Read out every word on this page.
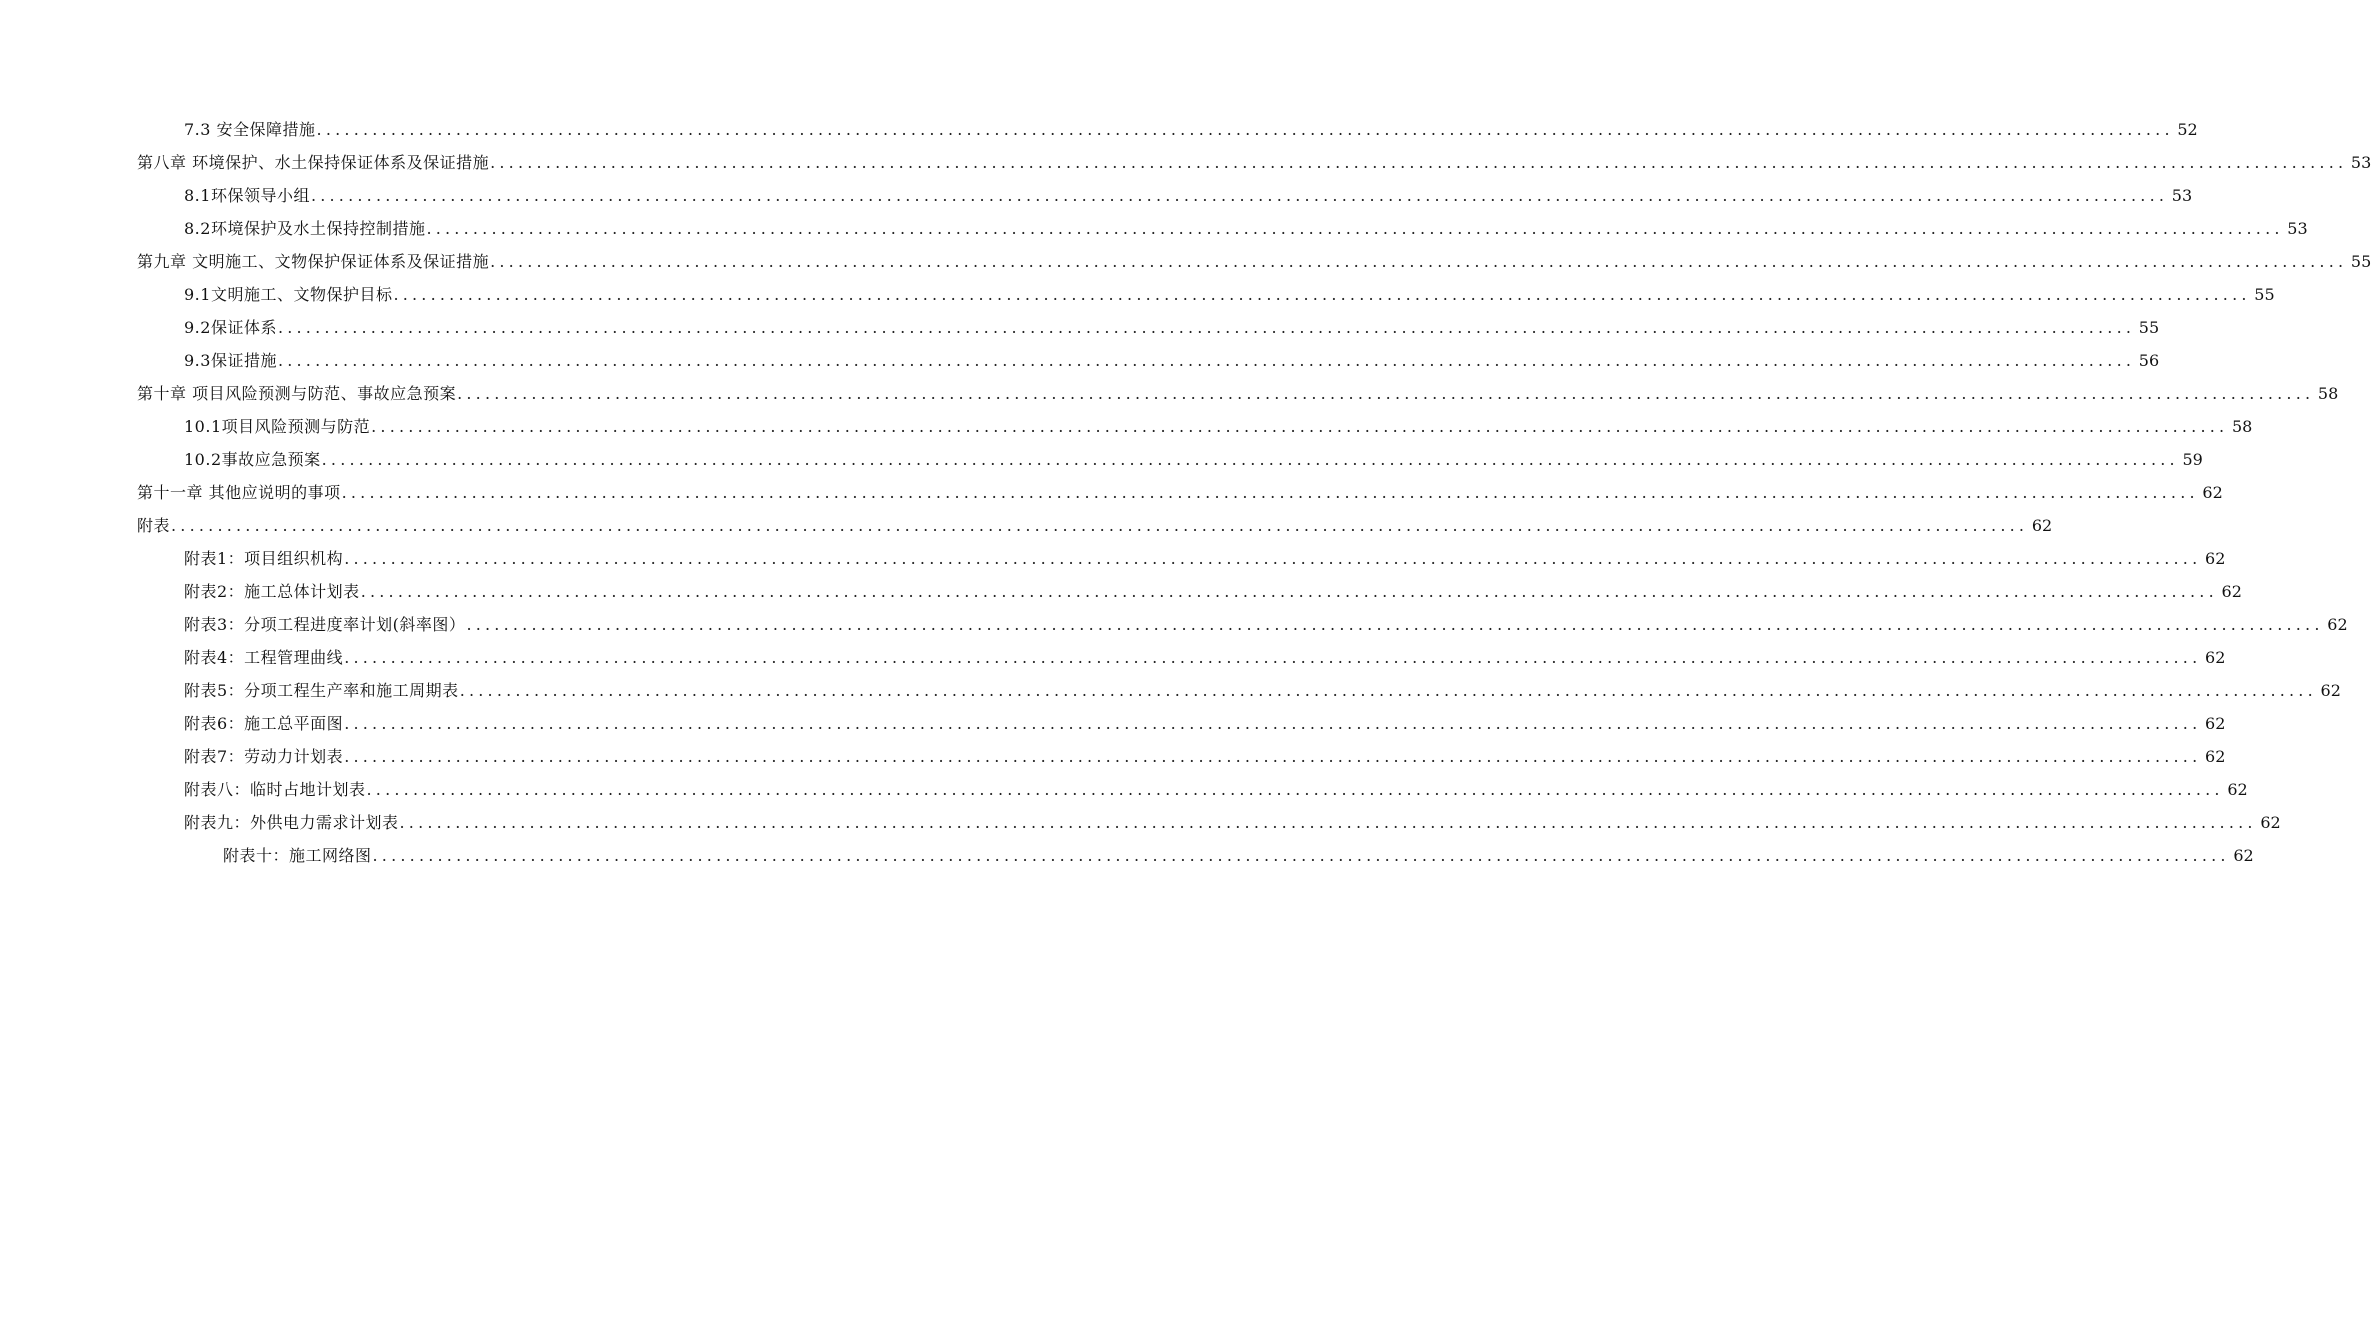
7.3 安全保障措施 ........................................................................................................................................................................................................ 52
第八章 环境保护、水土保持保证体系及保证措施 ........................................................................................................................................................................................................ 53
8.1环保领导小组 ........................................................................................................................................................................................................ 53
8.2环境保护及水土保持控制措施 ........................................................................................................................................................................................................ 53
第九章 文明施工、文物保护保证体系及保证措施 ........................................................................................................................................................................................................ 55
9.1文明施工、文物保护目标 ........................................................................................................................................................................................................ 55
9.2保证体系 ........................................................................................................................................................................................................ 55
9.3保证措施 ........................................................................................................................................................................................................ 56
第十章 项目风险预测与防范、事故应急预案 ........................................................................................................................................................................................................ 58
10.1项目风险预测与防范 ........................................................................................................................................................................................................ 58
10.2事故应急预案 ........................................................................................................................................................................................................ 59
第十一章 其他应说明的事项 ........................................................................................................................................................................................................ 62
附表 ........................................................................................................................................................................................................ 62
附表1：项目组织机构 ........................................................................................................................................................................................................ 62
附表2：施工总体计划表 ........................................................................................................................................................................................................ 62
附表3：分项工程进度率计划(斜率图） ........................................................................................................................................................................................................ 62
附表4：工程管理曲线 ........................................................................................................................................................................................................ 62
附表5：分项工程生产率和施工周期表 ........................................................................................................................................................................................................ 62
附表6：施工总平面图 ........................................................................................................................................................................................................ 62
附表7：劳动力计划表 ........................................................................................................................................................................................................ 62
附表八：临时占地计划表 ........................................................................................................................................................................................................ 62
附表九：外供电力需求计划表 ........................................................................................................................................................................................................ 62
附表十：施工网络图 ........................................................................................................................................................................................................ 62
